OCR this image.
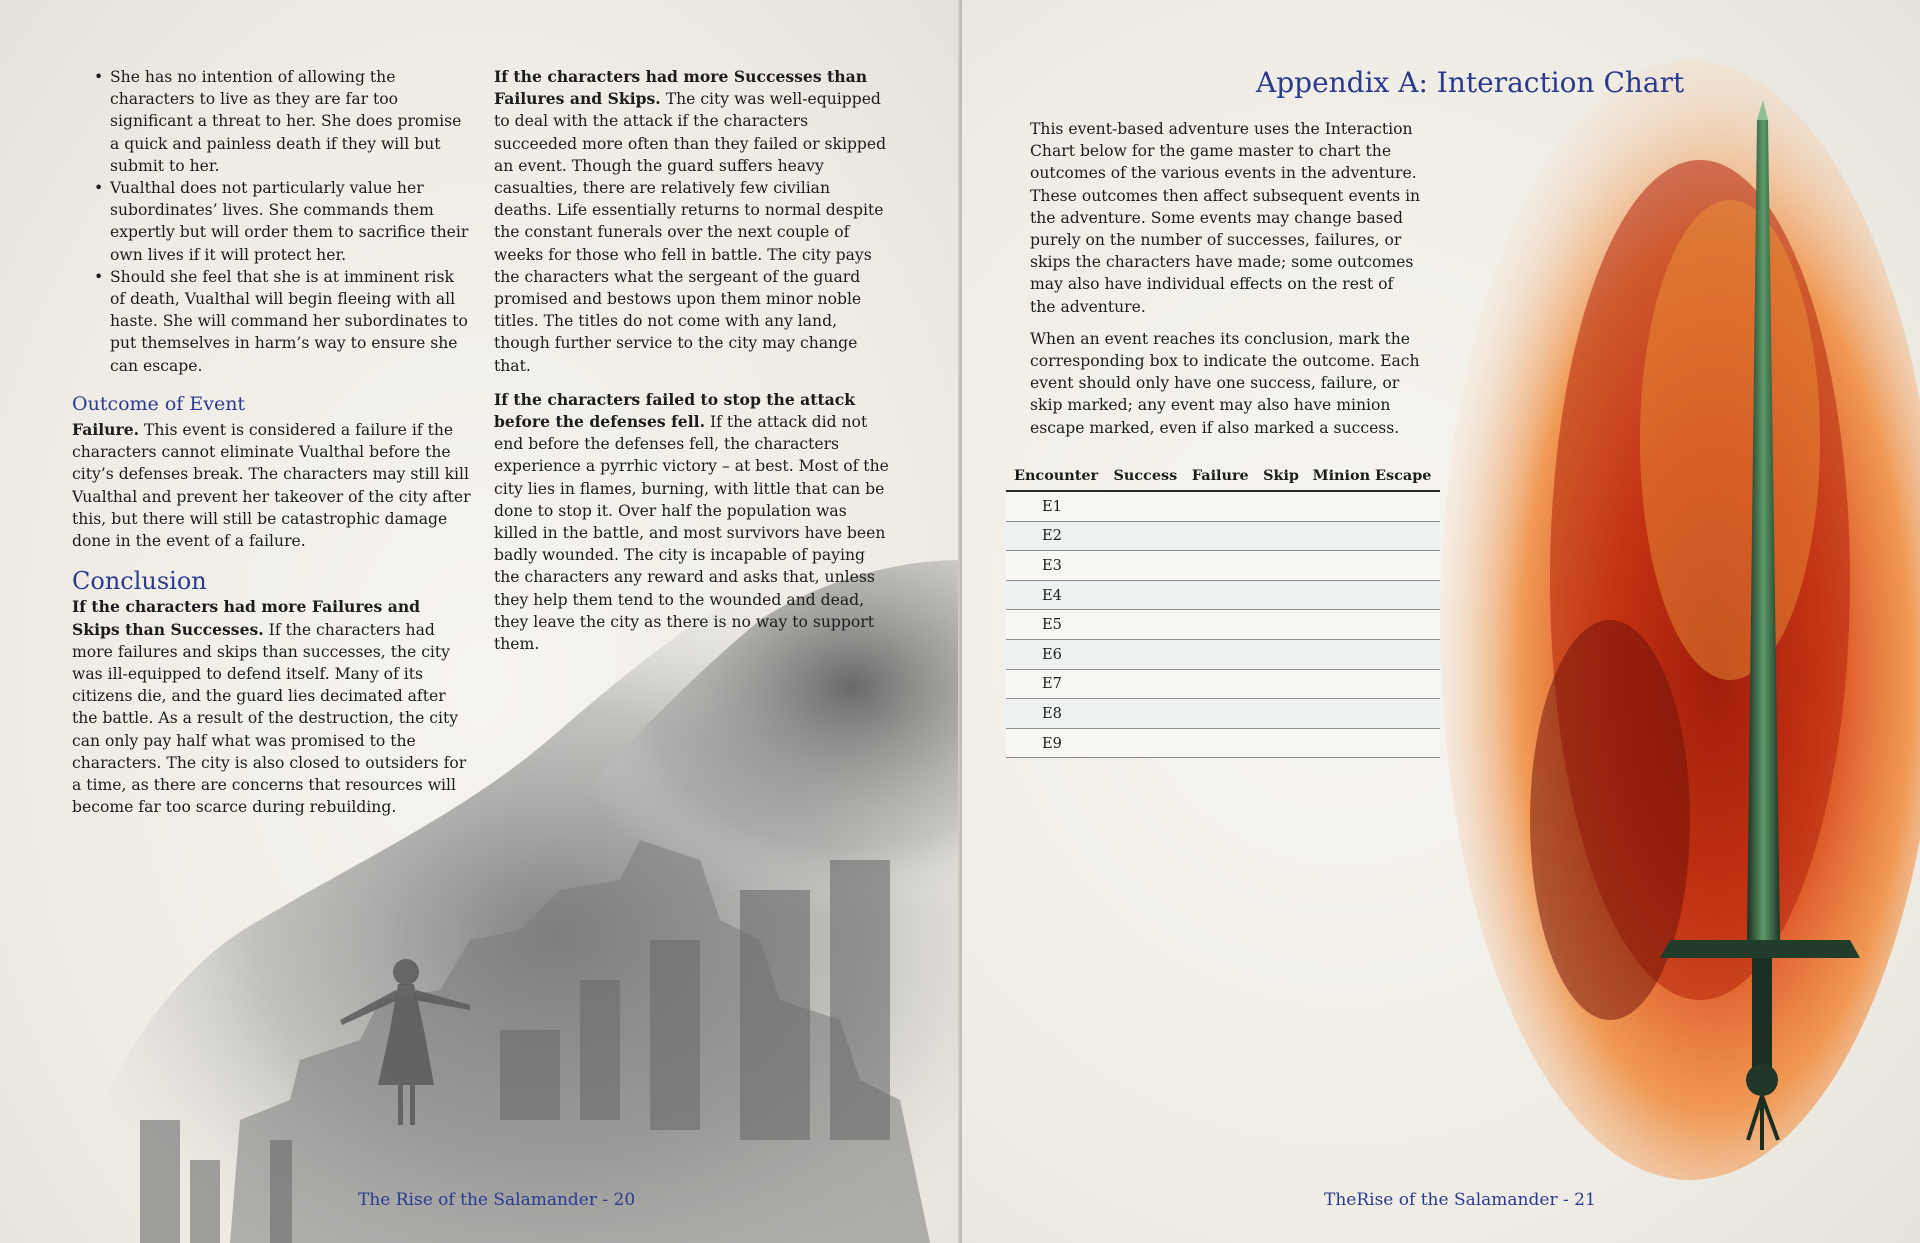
• She has no intention of allowing the characters to live as they are far too significant a threat to her. She does promise a quick and painless death if they will but submit to her.
• Vualthal does not particularly value her subordinates’ lives. She commands them expertly but will order them to sacrifice their own lives if it will protect her.
• Should she feel that she is at imminent risk of death, Vualthal will begin fleeing with all haste. She will command her subordinates to put themselves in harm’s way to ensure she can escape.
Outcome of Event

Failure. This event is considered a failure if the characters cannot eliminate Vualthal before the city’s defenses break. The characters may still kill Vualthal and prevent her takeover of the city after this, but there will still be catastrophic damage done in the event of a failure.

Conclusion

If the characters had more Failures and Skips than Successes. If the characters had more failures and skips than successes, the city was ill-equipped to defend itself. Many of its citizens die, and the guard lies decimated after the battle. As a result of the destruction, the city can only pay half what was promised to the characters. The city is also closed to outsiders for a time, as there are concerns that resources will become far too scarce during rebuilding.

If the characters had more Successes than Failures and Skips. The city was well-equipped to deal with the attack if the characters succeeded more often than they failed or skipped an event. Though the guard suffers heavy casualties, there are relatively few civilian deaths. Life essentially returns to normal despite the constant funerals over the next couple of weeks for those who fell in battle. The city pays the characters what the sergeant of the guard promised and bestows upon them minor noble titles. The titles do not come with any land, though further service to the city may change that.

If the characters failed to stop the attack before the defenses fell. If the attack did not end before the defenses fell, the characters experience a pyrrhic victory – at best. Most of the city lies in flames, burning, with little that can be done to stop it. Over half the population was killed in the battle, and most survivors have been badly wounded. The city is incapable of paying the characters any reward and asks that, unless they help them tend to the wounded and dead, they leave the city as there is no way to support them.

The Rise of the Salamander - 20
Appendix A: Interaction Chart

This event-based adventure uses the Interaction Chart below for the game master to chart the outcomes of the various events in the adventure. These outcomes then affect subsequent events in the adventure. Some events may change based purely on the number of successes, failures, or skips the characters have made; some outcomes may also have individual effects on the rest of the adventure.

When an event reaches its conclusion, mark the corresponding box to indicate the outcome. Each event should only have one success, failure, or skip marked; any event may also have minion escape marked, even if also marked a success.

Encounter	Success	Failure	Skip	Minion Escape
E1				
E2				
E3				
E4				
E5				
E6				
E7				
E8				
E9				
TheRise of the Salamander - 21
